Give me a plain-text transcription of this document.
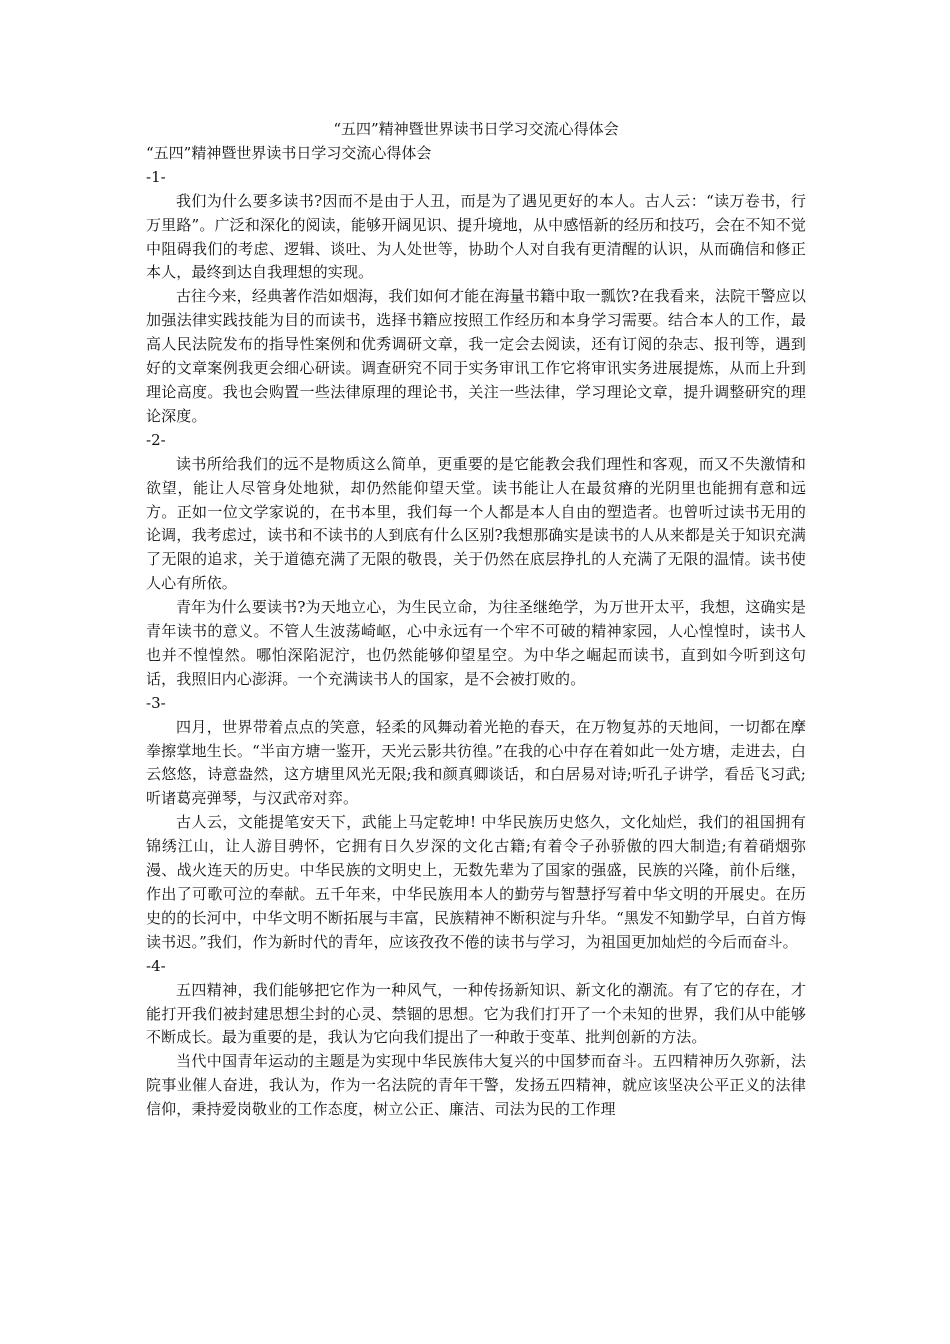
“五四”精神暨世界读书日学习交流心得体会
“五四”精神暨世界读书日学习交流心得体会
-1-

我们为什么要多读书?因而不是由于人丑，而是为了遇见更好的本人。古人云：“读万卷书，行万里路”。广泛和深化的阅读，能够开阔见识、提升境地，从中感悟新的经历和技巧，会在不知不觉中阻碍我们的考虑、逻辑、谈吐、为人处世等，协助个人对自我有更清醒的认识，从而确信和修正本人，最终到达自我理想的实现。

古往今来，经典著作浩如烟海，我们如何才能在海量书籍中取一瓢饮?在我看来，法院干警应以加强法律实践技能为目的而读书，选择书籍应按照工作经历和本身学习需要。结合本人的工作，最高人民法院发布的指导性案例和优秀调研文章，我一定会去阅读，还有订阅的杂志、报刊等，遇到好的文章案例我更会细心研读。调查研究不同于实务审讯工作它将审讯实务进展提炼，从而上升到理论高度。我也会购置一些法律原理的理论书，关注一些法律，学习理论文章，提升调整研究的理论深度。

-2-

读书所给我们的远不是物质这么简单，更重要的是它能教会我们理性和客观，而又不失激情和欲望，能让人尽管身处地狱，却仍然能仰望天堂。读书能让人在最贫瘠的光阴里也能拥有意和远方。正如一位文学家说的，在书本里，我们每一个人都是本人自由的塑造者。也曾听过读书无用的论调，我考虑过，读书和不读书的人到底有什么区别?我想那确实是读书的人从来都是关于知识充满了无限的追求，关于道德充满了无限的敬畏，关于仍然在底层挣扎的人充满了无限的温情。读书使人心有所依。

青年为什么要读书?为天地立心，为生民立命，为往圣继绝学，为万世开太平，我想，这确实是青年读书的意义。不管人生波荡崎岖，心中永远有一个牢不可破的精神家园，人心惶惶时，读书人也并不惶惶然。哪怕深陷泥泞，也仍然能够仰望星空。为中华之崛起而读书，直到如今听到这句话，我照旧内心澎湃。一个充满读书人的国家，是不会被打败的。

-3-

四月，世界带着点点的笑意，轻柔的风舞动着光艳的春天，在万物复苏的天地间，一切都在摩拳擦掌地生长。“半亩方塘一鉴开，天光云影共彷徨。”在我的心中存在着如此一处方塘，走进去，白云悠悠，诗意盎然，这方塘里风光无限;我和颜真卿谈话，和白居易对诗;听孔子讲学，看岳飞习武;听诸葛亮弹琴，与汉武帝对弈。

古人云，文能提笔安天下，武能上马定乾坤! 中华民族历史悠久，文化灿烂，我们的祖国拥有锦绣江山，让人游目骋怀，它拥有日久岁深的文化古籍;有着令子孙骄傲的四大制造;有着硝烟弥漫、战火连天的历史。中华民族的文明史上，无数先辈为了国家的强盛，民族的兴隆，前仆后继，作出了可歌可泣的奉献。五千年来，中华民族用本人的勤劳与智慧抒写着中华文明的开展史。在历史的的长河中，中华文明不断拓展与丰富，民族精神不断积淀与升华。“黑发不知勤学早，白首方悔读书迟。”我们，作为新时代的青年，应该孜孜不倦的读书与学习，为祖国更加灿烂的今后而奋斗。

-4-

五四精神，我们能够把它作为一种风气，一种传扬新知识、新文化的潮流。有了它的存在，才能打开我们被封建思想尘封的心灵、禁锢的思想。它为我们打开了一个未知的世界，我们从中能够不断成长。最为重要的是，我认为它向我们提出了一种敢于变革、批判创新的方法。

当代中国青年运动的主题是为实现中华民族伟大复兴的中国梦而奋斗。五四精神历久弥新，法院事业催人奋进，我认为，作为一名法院的青年干警，发扬五四精神，就应该坚决公平正义的法律信仰，秉持爱岗敬业的工作态度，树立公正、廉洁、司法为民的工作理
